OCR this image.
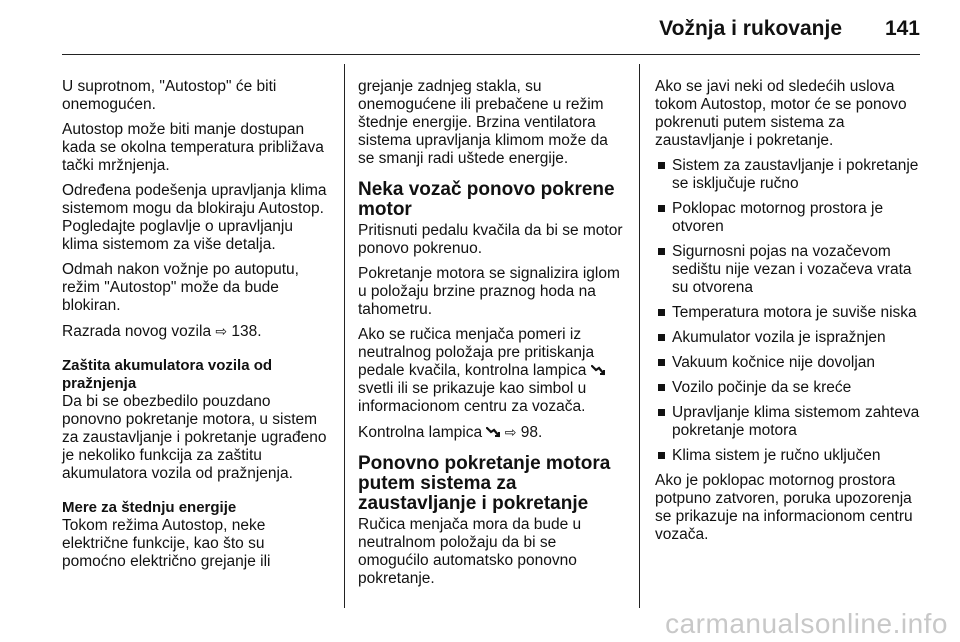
Vožnja i rukovanje 141

U suprotnom, "Autostop" će biti onemogućen.

Autostop može biti manje dostupan kada se okolna temperatura približava tački mržnjenja.

Određena podešenja upravljanja klima sistemom mogu da blokiraju Autostop. Pogledajte poglavlje o upravljanju klima sistemom za više detalja.

Odmah nakon vožnje po autoputu, režim "Autostop" može da bude blokiran.

Razrada novog vozila ⇨ 138.

Zaštita akumulatora vozila od pražnjenja

Da bi se obezbedilo pouzdano ponovno pokretanje motora, u sistem za zaustavljanje i pokretanje ugrađeno je nekoliko funkcija za zaštitu akumulatora vozila od pražnjenja.

Mere za štednju energije

Tokom režima Autostop, neke električne funkcije, kao što su pomoćno električno grejanje ili

grejanje zadnjeg stakla, su onemogućene ili prebačene u režim štednje energije. Brzina ventilatora sistema upravljanja klimom može da se smanji radi uštede energije.

Neka vozač ponovo pokrene motor

Pritisnuti pedalu kvačila da bi se motor ponovo pokrenuo.

Pokretanje motora se signalizira iglom u položaju brzine praznog hoda na tahometru.

Ako se ručica menjača pomeri iz neutralnog položaja pre pritiskanja pedale kvačila, kontrolna lampica  svetli ili se prikazuje kao simbol u informacionom centru za vozača.

Kontrolna lampica ⇨ 98.

Ponovno pokretanje motora putem sistema za zaustavljanje i pokretanje

Ručica menjača mora da bude u neutralnom položaju da bi se omogućilo automatsko ponovno pokretanje.

Ako se javi neki od sledećih uslova tokom Autostop, motor će se ponovo pokrenuti putem sistema za zaustavljanje i pokretanje.

Sistem za zaustavljanje i pokretanje se isključuje ručno
Poklopac motornog prostora je otvoren
Sigurnosni pojas na vozačevom sedištu nije vezan i vozačeva vrata su otvorena
Temperatura motora je suviše niska
Akumulator vozila je ispražnjen
Vakuum kočnice nije dovoljan
Vozilo počinje da se kreće
Upravljanje klima sistemom zahteva pokretanje motora
Klima sistem je ručno uključen

Ako je poklopac motornog prostora potpuno zatvoren, poruka upozorenja se prikazuje na informacionom centru vozača.

carmanualsonline.info
